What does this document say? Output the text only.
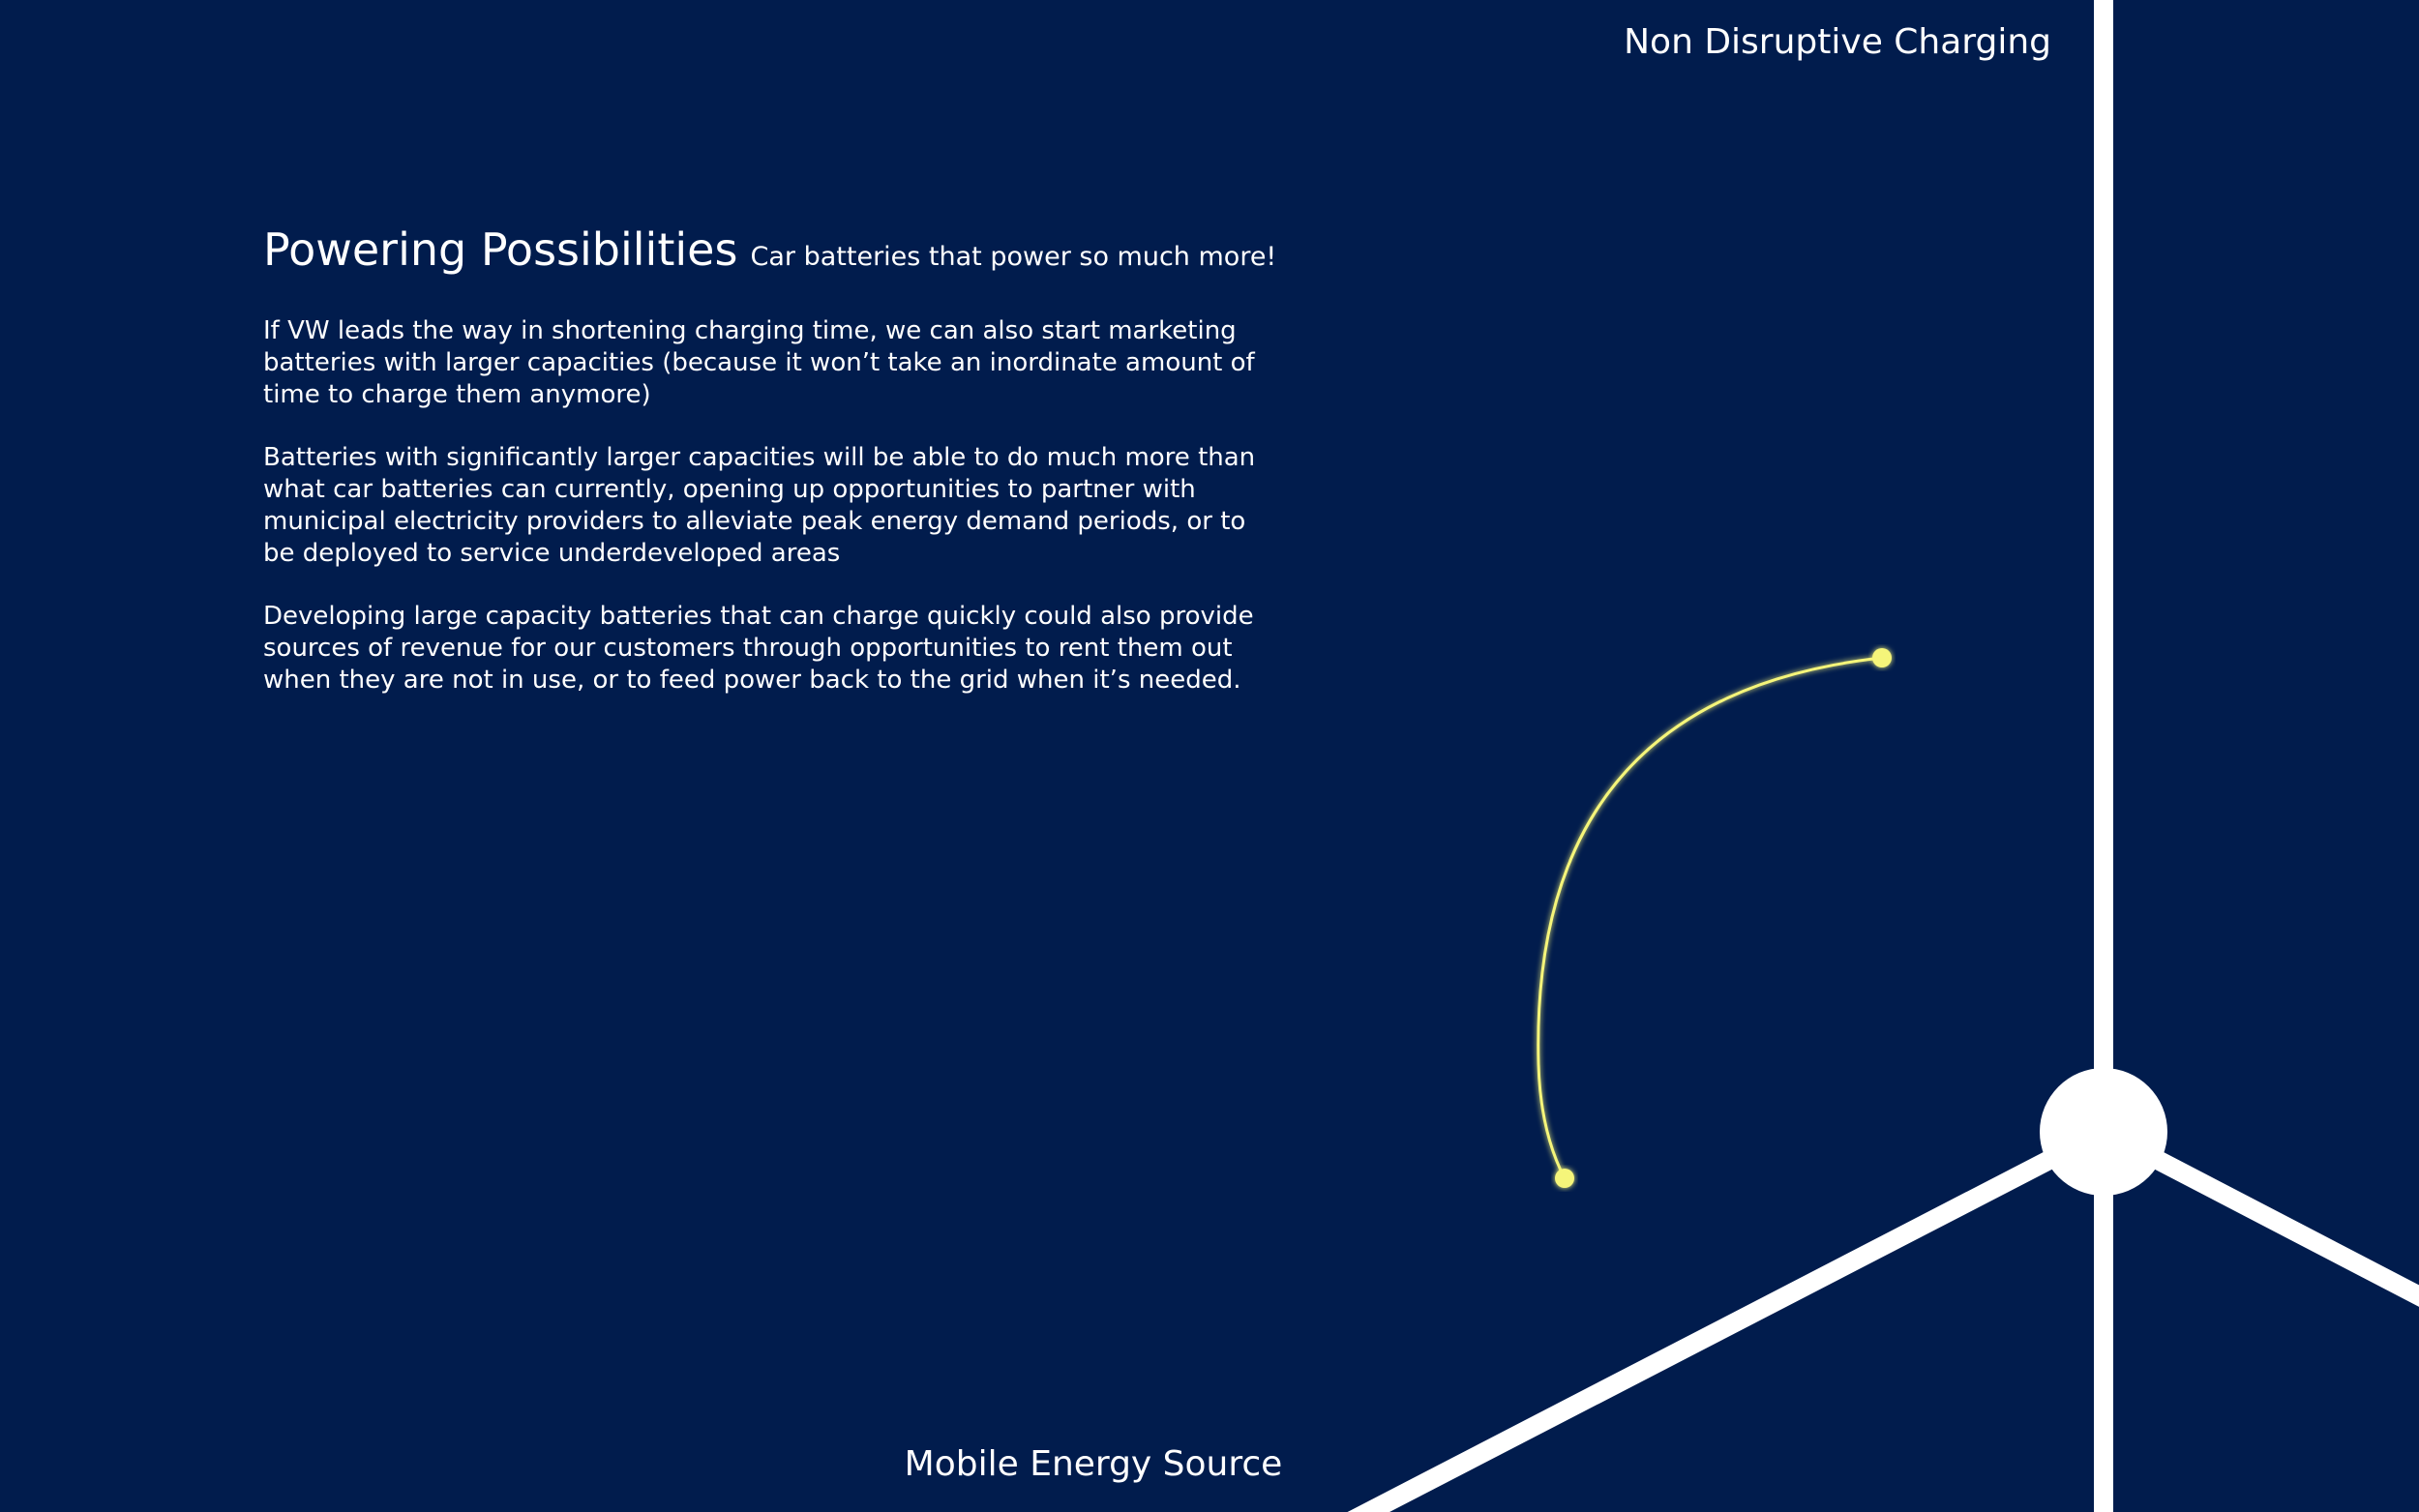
Non Disruptive Charging
Powering Possibilities Car batteries that power so much more!

If VW leads the way in shortening charging time, we can also start marketing batteries with larger capacities (because it won’t take an inordinate amount of time to charge them anymore)

Batteries with significantly larger capacities will be able to do much more than what car batteries can currently, opening up opportunities to partner with municipal electricity providers to alleviate peak energy demand periods, or to be deployed to service underdeveloped areas

Developing large capacity batteries that can charge quickly could also provide sources of revenue for our customers through opportunities to rent them out when they are not in use, or to feed power back to the grid when it’s needed.

Mobile Energy Source
